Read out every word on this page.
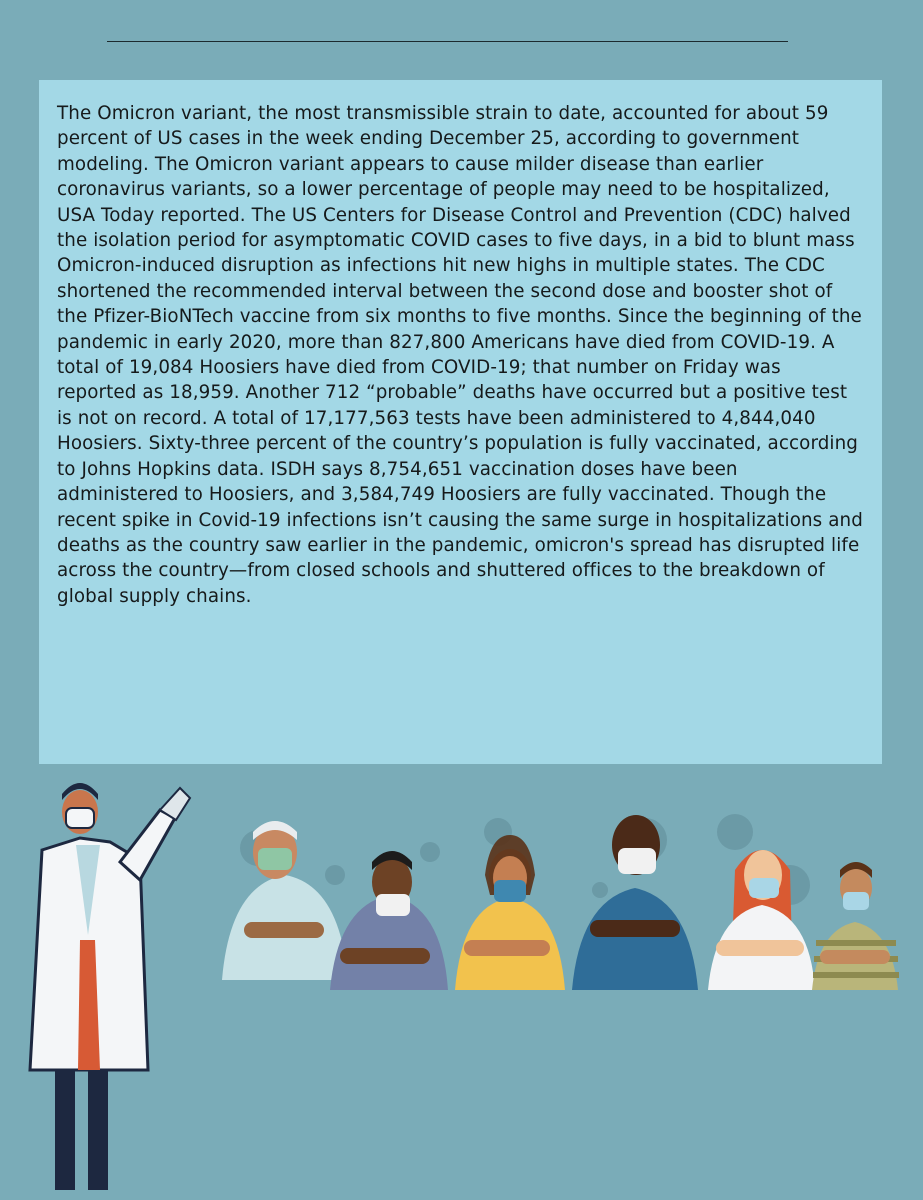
The Omicron variant, the most transmissible strain to date, accounted for about 59 percent of US cases in the week ending December 25, according to government modeling. The Omicron variant appears to cause milder disease than earlier coronavirus variants, so a lower percentage of people may need to be hospitalized, USA Today reported. The US Centers for Disease Control and Prevention (CDC) halved the isolation period for asymptomatic COVID cases to five days, in a bid to blunt mass Omicron-induced disruption as infections hit new highs in multiple states. The CDC shortened the recommended interval between the second dose and booster shot of the Pfizer-BioNTech vaccine from six months to five months. Since the beginning of the pandemic in early 2020, more than 827,800 Americans have died from COVID-19. A total of 19,084 Hoosiers have died from COVID-19; that number on Friday was reported as 18,959. Another 712 “probable” deaths have occurred but a positive test is not on record. A total of 17,177,563 tests have been administered to 4,844,040 Hoosiers. Sixty-three percent of the country’s population is fully vaccinated, according to Johns Hopkins data. ISDH says 8,754,651 vaccination doses have been administered to Hoosiers, and 3,584,749 Hoosiers are fully vaccinated. Though the recent spike in Covid-19 infections isn’t causing the same surge in hospitalizations and deaths as the country saw earlier in the pandemic, omicron's spread has disrupted life across the country—from closed schools and shuttered offices to the breakdown of global supply chains.
